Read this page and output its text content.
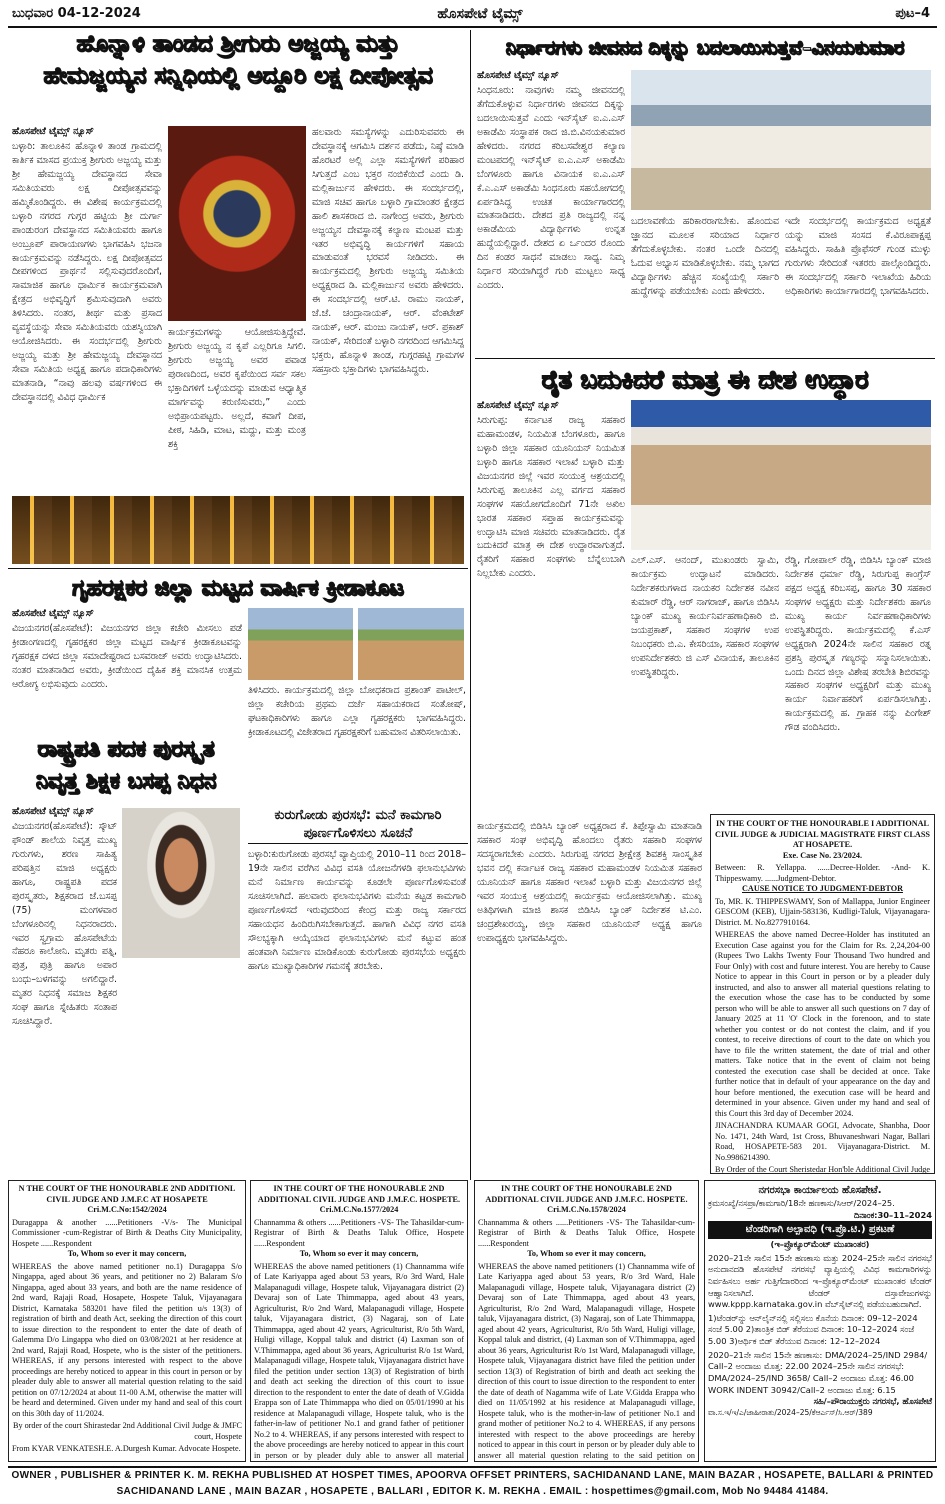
ಬುಧವಾರ 04-12-2024	ಹೊಸಪೇಟೆ ಟೈಮ್ಸ್	ಪುಟ–4
ಹೊನ್ನಾಳಿ ತಾಂಡದ ಶ್ರೀಗುರು ಅಜ್ಜಯ್ಯ ಮತ್ತು
ಹೇಮಜ್ಜಯ್ಯನ ಸನ್ನಿಧಿಯಲ್ಲಿ ಅದ್ದೂರಿ ಲಕ್ಷ ದೀಪೋತ್ಸವ
ಹೊಸಪೇಟೆ ಟೈಮ್ಸ್ ನ್ಯೂಸ್
ಬಳ್ಳಾರಿ: ತಾಲೂಕಿನ ಹೊನ್ನಾಳಿ ತಾಂಡ ಗ್ರಾಮದಲ್ಲಿ ಕಾರ್ತಿಕ ಮಾಸದ ಪ್ರಯುಕ್ತ ಶ್ರೀಗುರು ಅಜ್ಜಯ್ಯ ಮತ್ತು ಶ್ರೀ ಹೇಮಜ್ಜಯ್ಯ ದೇವಸ್ಥಾನದ ಸೇವಾ ಸಮಿತಿಯವರು ಲಕ್ಷ ದೀಪೋತ್ಸವವನ್ನು ಹಮ್ಮಿಕೊಂಡಿದ್ದರು. ಈ ವಿಶೇಷ ಕಾರ್ಯಕ್ರಮದಲ್ಲಿ ಬಳ್ಳಾರಿ ನಗರದ ಗುಗ್ಗರ ಹಟ್ಟಿಯ ಶ್ರೀ ದುರ್ಗಾ ಪಾಂಡುರಂಗ ದೇವಸ್ಥಾನದ ಸಮಿತಿಯವರು ಹಾಗೂ ಅಂಬ್ರೂಪ್ ಪಾರಾಯಣಗಳು ಭಾಗವಹಿಸಿ ಭಜನಾ ಕಾರ್ಯಕ್ರಮವನ್ನು ನಡೆಸಿದ್ದರು. ಲಕ್ಷ ದೀಪೋತ್ಸವದ ದೀಪಗಳಿಂದ ಪ್ರಾರ್ಥನೆ ಸಲ್ಲಿಸುವುದರೊಂದಿಗೆ, ಸಾಮಾಜಿಕ ಹಾಗೂ ಧಾರ್ಮಿಕ ಕಾರ್ಯಕ್ರಮವಾಗಿ ಕ್ಷೇತ್ರದ ಅಭಿವೃದ್ಧಿಗೆ ಶ್ರಮಿಸುವುದಾಗಿ ಅವರು ತಿಳಿಸಿದರು. ನಂತರ, ತೀರ್ಥ ಮತ್ತು ಪ್ರಸಾದ ವ್ಯವಸ್ಥೆಯನ್ನು ಸೇವಾ ಸಮಿತಿಯವರು ಯಶಸ್ವಿಯಾಗಿ ಆಯೋಜಿಸಿದರು. ಈ ಸಂದರ್ಭದಲ್ಲಿ ಶ್ರೀಗುರು ಅಜ್ಜಯ್ಯ ಮತ್ತು ಶ್ರೀ ಹೇಮಜ್ಜಯ್ಯ ದೇವಸ್ಥಾನದ ಸೇವಾ ಸಮಿತಿಯ ಅಧ್ಯಕ್ಷ ಹಾಗೂ ಪದಾಧಿಕಾರಿಗಳು ಮಾತನಾಡಿ, “ನಾವು ಹಲವು ವರ್ಷಗಳಿಂದ ಈ ದೇವಸ್ಥಾನದಲ್ಲಿ ವಿವಿಧ ಧಾರ್ಮಿಕ
ಕಾರ್ಯಕ್ರಮಗಳನ್ನು ಆಯೋಜಿಸುತ್ತಿದ್ದೇವೆ. ಶ್ರೀಗುರು ಅಜ್ಜಯ್ಯ ನ ಕೃಪೆ ಎಲ್ಲರಿಗೂ ಸಿಗಲಿ. ಶ್ರೀಗುರು ಅಜ್ಜಯ್ಯ ಅವರ ಪವಾಡ ಪುರಾಣದಿಂದ, ಅವರ ಕೃಪೆಯಿಂದ ಸರ್ವ ಸಕಲ ಭಕ್ತಾದಿಗಳಿಗೆ ಒಳ್ಳೆಯದನ್ನು ಮಾಡುವ ಆಧ್ಯಾತ್ಮಿಕ ಮಾರ್ಗವನ್ನು ಕರುಣಿಸುವರು,” ಎಂದು ಅಭಿಪ್ರಾಯಪಟ್ಟರು. ಅಲ್ಲದೆ, ಕವಾಗೆ ದೀಪ, ಪೀಠ, ಸಿಹಿಡಿ, ಮಾಟ, ಮದ್ದು, ಮತ್ತು ಮಂತ್ರ ಶಕ್ತಿ
ಹಲವಾರು ಸಮಸ್ಯೆಗಳನ್ನು ಎದುರಿಸುವವರು ಈ ದೇವಸ್ಥಾನಕ್ಕೆ ಆಗಮಿಸಿ ದರ್ಶನ ಪಡೆದು, ನಿಷ್ಠೆ ಮಾಡಿ ಹೊರಟರೆ ಅಲ್ಲಿ ಎಲ್ಲಾ ಸಮಸ್ಯೆಗಳಿಗೆ ಪರಿಹಾರ ಸಿಗುತ್ತದೆ ಎಂಬ ಭಕ್ತರ ನಂಬಿಕೆಯಿದೆ ಎಂದು ಡಿ. ಮಲ್ಲಿಕಾರ್ಜುನ ಹೇಳಿದರು. ಈ ಸಂದರ್ಭದಲ್ಲಿ, ಮಾಜಿ ಸಚಿವ ಹಾಗೂ ಬಳ್ಳಾರಿ ಗ್ರಾಮಾಂತರ ಕ್ಷೇತ್ರದ ಹಾಲಿ ಶಾಸಕರಾದ ಬಿ. ನಾಗೇಂದ್ರ ಅವರು, ಶ್ರೀಗುರು ಅಜ್ಜಯ್ಯನ ದೇವಸ್ಥಾನಕ್ಕೆ ಕಲ್ಯಾಣ ಮಂಟಪ ಮತ್ತು ಇತರ ಅಭಿವೃದ್ಧಿ ಕಾರ್ಯಗಳಿಗೆ ಸಹಾಯ ಮಾಡುವಂತೆ ಭರವಸೆ ನೀಡಿದರು. ಈ ಕಾರ್ಯಕ್ರಮದಲ್ಲಿ ಶ್ರೀಗುರು ಅಜ್ಜಯ್ಯ ಸಮಿತಿಯ ಅಧ್ಯಕ್ಷರಾದ ಡಿ. ಮಲ್ಲಿಕಾರ್ಜುನ ಅವರು ಹೇಳಿದರು. ಈ ಸಂದರ್ಭದಲ್ಲಿ ಆರ್.ಟಿ. ರಾಮು ನಾಯಕ್, ಜೆ.ಜೆ. ಚಂದ್ರಾನಾಯಕ್, ಆರ್. ವೆಂಕಟೇಶ್ ನಾಯಕ್, ಆರ್. ಮಂಜು ನಾಯಕ್, ಆರ್. ಪ್ರಕಾಶ್ ನಾಯಕ್, ಸೇರಿದಂತೆ ಬಳ್ಳಾರಿ ನಗರದಿಂದ ಆಗಮಿಸಿದ್ದ ಭಕ್ತರು, ಹೊನ್ನಾಳಿ ತಾಂಡ, ಗುಗ್ಗರಹಟ್ಟಿ ಗ್ರಾಮಗಳ ಸಹಸ್ರಾರು ಭಕ್ತಾದಿಗಳು ಭಾಗವಹಿಸಿದ್ದರು.
ನಿರ್ಧಾರಗಳು ಜೀವನದ ದಿಕ್ಕನ್ನು ಬದಲಾಯಿಸುತ್ತವೆ–ವಿನಯಕುಮಾರ
ಹೊಸಪೇಟೆ ಟೈಮ್ಸ್ ನ್ಯೂಸ್
ಸಿಂಧನೂರು: ನಾವುಗಳು ನಮ್ಮ ಜೀವನದಲ್ಲಿ ತೆಗೆದುಕೊಳ್ಳುವ ನಿರ್ಧಾರಗಳು ಜೀವನದ ದಿಕ್ಕನ್ನು ಬದಲಾಯಿಸುತ್ತವೆ ಎಂದು ಇನ್‌ಸೈಟ್ ಐ.ಎ.ಎಸ್ ಅಕಾಡೆಮಿ ಸಂಸ್ಥಾಪಕ ರಾದ ಜಿ.ಬಿ.ವಿನಯಕುಮಾರ ಹೇಳಿದರು. ನಗರದ ಕರಿಬಸವೇಶ್ವರ ಕಲ್ಯಾಣ ಮಂಟಪದಲ್ಲಿ ಇನ್‌ಸೈಟ್ ಐ.ಎ.ಎಸ್ ಅಕಾಡೆಮಿ ಬೆಂಗಳೂರು ಹಾಗೂ ವಿನಾಯಕ ಐ.ಎ.ಎಸ್ ಕೆ.ಎ.ಎಸ್ ಅಕಾಡೆಮಿ ಸಿಂಧನೂರು ಸಹಯೋಗದಲ್ಲಿ ಏರ್ಪಡಿಸಿದ್ದ ಉಚಿತ ಕಾರ್ಯಾಗಾರದಲ್ಲಿ ಮಾತನಾಡಿದರು. ದೇಶದ ಪ್ರತಿ ರಾಜ್ಯದಲ್ಲಿ ನನ್ನ ಅಕಾಡೆಮಿಯ ವಿದ್ಯಾರ್ಥಿಗಳು ಉನ್ನತ ಹುದ್ದೆಯಲ್ಲಿದ್ದಾರೆ. ದೇಶದ ಏ ರ್ಒಂದರ ರೊಂದು ದಿನ ಕಂಡರ ಸಾಧನೆ ಮಾಡಲು ಸಾಧ್ಯ. ನಿಮ್ಮ ನಿರ್ಧಾರ ಸರಿಯಾಗಿದ್ದರೆ ಗುರಿ ಮುಟ್ಟಲು ಸಾಧ್ಯ ಎಂದರು.
ಬದಲಾವಣೆಯ ಹರಿಕಾರರಾಗಬೇಕು. ಹೊಂದುವ ಜ್ಞಾನದ ಮೂಲಕ ಸರಿಯಾದ ನಿರ್ಧಾರ ತೆಗೆದುಕೊಳ್ಳಬೇಕು. ನಂತರ ಒಂದೇ ದಿನದಲ್ಲಿ ಓದುವ ಅಭ್ಯಾಸ ಮಾಡಿಕೊಳ್ಳಬೇಕು. ನಮ್ಮ ಭಾಗದ ವಿದ್ಯಾರ್ಥಿಗಳು ಹೆಚ್ಚಿನ ಸಂಖ್ಯೆಯಲ್ಲಿ ಸರ್ಕಾರಿ ಹುದ್ದೆಗಳನ್ನು ಪಡೆಯಬೇಕು ಎಂದು ಹೇಳಿದರು.
ಇದೇ ಸಂದರ್ಭದಲ್ಲಿ ಕಾರ್ಯಕ್ರಮದ ಅಧ್ಯಕ್ಷತೆ ಯನ್ನು ಮಾಜಿ ಸಂಸದ ಕೆ.ವಿರೂಪಾಕ್ಷಪ್ಪ ವಹಿಸಿದ್ದರು. ಸಾಹಿತಿ ಪ್ರೊಫೆಸರ್ ಗುಂಡ ಮುಳ್ಳು ಗುರುಗಳು ಸೇರಿದಂತೆ ಇತರರು ಪಾಲ್ಗೊಂಡಿದ್ದರು. ಈ ಸಂದರ್ಭದಲ್ಲಿ ಸರ್ಕಾರಿ ಇಲಾಖೆಯ ಹಿರಿಯ ಅಧಿಕಾರಿಗಳು ಕಾರ್ಯಾಗಾರದಲ್ಲಿ ಭಾಗವಹಿಸಿದರು.
ರೈತ ಬದುಕಿದರೆ ಮಾತ್ರ ಈ ದೇಶ ಉದ್ಧಾರ
ಹೊಸಪೇಟೆ ಟೈಮ್ಸ್ ನ್ಯೂಸ್
ಸಿರುಗುಪ್ಪ: ಕರ್ನಾಟಕ ರಾಜ್ಯ ಸಹಕಾರ ಮಹಾಮಂಡಳ, ನಿಯಮಿತ ಬೆಂಗಳೂರು, ಹಾಗೂ ಬಳ್ಳಾರಿ ಜಿಲ್ಲಾ ಸಹಕಾರ ಯೂನಿಯನ್ ನಿಯಮಿತ ಬಳ್ಳಾರಿ ಹಾಗೂ ಸಹಕಾರ ಇಲಾಖೆ ಬಳ್ಳಾರಿ ಮತ್ತು ವಿಜಯನಗರ ಜಿಲ್ಲೆ ಇವರ ಸಂಯುಕ್ತ ಆಶ್ರಯದಲ್ಲಿ ಸಿರುಗುಪ್ಪ ತಾಲೂಕಿನ ಎಲ್ಲ ವರ್ಗದ ಸಹಕಾರ ಸಂಘಗಳ ಸಹಯೋಗದೊಂದಿಗೆ 71ನೇ ಅಖಿಲ ಭಾರತ ಸಹಕಾರ ಸಪ್ತಾಹ ಕಾರ್ಯಕ್ರಮವನ್ನು ಉದ್ಘಾಟಿಸಿ ಮಾಜಿ ಸಚಿವರು ಮಾತನಾಡಿದರು. ರೈತ ಬದುಕಿದರೆ ಮಾತ್ರ ಈ ದೇಶ ಉದ್ಧಾರವಾಗುತ್ತದೆ. ರೈತರಿಗೆ ಸಹಕಾರ ಸಂಘಗಳು ಬೆನ್ನೆಲುಬಾಗಿ ನಿಲ್ಲಬೇಕು ಎಂದರು.
ಎಲ್.ಎಸ್. ಆನಂದ್, ಮುಖಂಡರು ಸ್ವಾಮಿ, ಕಾರ್ಯಕ್ರಮ ಉದ್ಘಾಟನೆ ಮಾಡಿದರು. ನಿರ್ದೇಶಕರುಗಳಾದ ನಾಯಕರ ನಿರ್ದೇಶಕ ನವೀನ ಕುಮಾರ್ ರೆಡ್ಡಿ, ಆರ್ ನಾಗರಾಜ್, ಹಾಗೂ ಬಿಡಿಸಿಸಿ ಬ್ಯಾಂಕ್ ಮುಖ್ಯ ಕಾರ್ಯನಿರ್ವಹಣಾಧಿಕಾರಿ ಬಿ. ಜಯಪ್ರಕಾಶ್, ಸಹಕಾರ ಸಂಘಗಳ ಉಪ ನಿಬಂಧಕರು ಬಿ.ಎ. ಕೇಸರಿಯಾ, ಸಹಕಾರ ಸಂಘಗಳ ಉಪನಿರ್ದೇಶಕರು ಜಿ ಎಸ್ ವಿನಾಯಕ, ತಾಲೂಕಿನ ಉಪಸ್ಥಿತರಿದ್ದರು.
ರೆಡ್ಡಿ, ಗೋಪಾಲ್ ರೆಡ್ಡಿ, ಬಿಡಿಸಿಸಿ ಬ್ಯಾಂಕ್ ಮಾಜಿ ನಿರ್ದೇಶಕ ಧರ್ಮಾ ರೆಡ್ಡಿ, ಸಿರುಗುಪ್ಪ ಕಾಂಗ್ರೆಸ್ ಪಕ್ಷದ ಅಧ್ಯಕ್ಷ ಕರಿಬಸಪ್ಪ, ಹಾಗೂ 30 ಸಹಕಾರ ಸಂಘಗಳ ಅಧ್ಯಕ್ಷರು ಮತ್ತು ನಿರ್ದೇಶಕರು ಹಾಗೂ ಮುಖ್ಯ ಕಾರ್ಯ ನಿರ್ವಹಣಾಧಿಕಾರಿಗಳು ಉಪಸ್ಥಿತರಿದ್ದರು. ಕಾರ್ಯಕ್ರಮದಲ್ಲಿ ಕೆ.ಎಸ್ ಅಧ್ಯಕ್ಷರಾಗಿ 2024ನೇ ಸಾಲಿನ ಸಹಕಾರ ರತ್ನ ಪ್ರಶಸ್ತಿ ಪುರಸ್ಕೃತ ಗಣ್ಯರನ್ನು ಸನ್ಮಾನಿಸಲಾಯಿತು. ಒಂದು ದಿನದ ಜಿಲ್ಲಾ ವಿಶೇಷ ತರಬೇತಿ ಶಿಬಿರವನ್ನು ಸಹಕಾರ ಸಂಘಗಳ ಅಧ್ಯಕ್ಷರಿಗೆ ಮತ್ತು ಮುಖ್ಯ ಕಾರ್ಯ ನಿರ್ವಾಹಕರಿಗೆ ಏರ್ಪಡಿಸಲಾಗಿತ್ತು. ಕಾರ್ಯಕ್ರಮದಲ್ಲಿ ಹ. ಗ್ರಾಹಕ ನನ್ನು ಪಿಂಗೇಶ್ ಗೌಡ ವಂದಿಸಿದರು.
ಕಾರ್ಯಕ್ರಮದಲ್ಲಿ ಬಿಡಿಸಿಸಿ ಬ್ಯಾಂಕ್ ಅಧ್ಯಕ್ಷರಾದ ಕೆ. ತಿಪ್ಪೇಸ್ವಾಮಿ ಮಾತನಾಡಿ ಸಹಕಾರ ಸಂಘ ಅಭಿವೃದ್ಧಿ ಹೊಂದಲು ರೈತರು ಸಹಕಾರಿ ಸಂಘಗಳ ಸದಸ್ಯರಾಗಬೇಕು ಎಂದರು. ಸಿರುಗುಪ್ಪ ನಗರದ ಶ್ರೀಕ್ಷೇತ್ರ ಶಿವಶಕ್ತಿ ಸಾಂಸ್ಕೃತಿಕ ಭವನ ದಲ್ಲಿ ಕರ್ನಾಟಕ ರಾಜ್ಯ ಸಹಕಾರ ಮಹಾಮಂಡಳ ನಿಯಮಿತ ಸಹಕಾರ ಯೂನಿಯನ್ ಹಾಗೂ ಸಹಕಾರ ಇಲಾಖೆ ಬಳ್ಳಾರಿ ಮತ್ತು ವಿಜಯನಗರ ಜಿಲ್ಲೆ ಇವರ ಸಂಯುಕ್ತ ಆಶ್ರಯದಲ್ಲಿ ಕಾರ್ಯಕ್ರಮ ಆಯೋಜಿಸಲಾಗಿತ್ತು. ಮುಖ್ಯ ಅತಿಥಿಗಳಾಗಿ ಮಾಜಿ ಶಾಸಕ ಬಿಡಿಸಿಸಿ ಬ್ಯಾಂಕ್ ನಿರ್ದೇಶಕ ಟಿ.ಎಂ. ಚಂದ್ರಶೇಖರಯ್ಯ, ಜಿಲ್ಲಾ ಸಹಕಾರ ಯೂನಿಯನ್ ಅಧ್ಯಕ್ಷ ಹಾಗೂ ಉಪಾಧ್ಯಕ್ಷರು ಭಾಗವಹಿಸಿದ್ದರು.
IN THE COURT OF THE HONOURABLE I ADDITIONAL CIVIL JUDGE & JUDICIAL MAGISTRATE FIRST CLASS AT HOSAPETE.
Exe. Case No. 23/2024.

Between: R. Yellappa. ......Decree-Holder. -And- K. Thippeswamy. ......Judgment-Debtor.

CAUSE NOTICE TO JUDGMENT-DEBTOR

To, MR. K. THIPPESWAMY, Son of Mallappa, Junior Engineer GESCOM (KEB), Ujjain-583136, Kudligi-Taluk, Vijayanagara-District. M. No.8277910164.

WHEREAS the above named Decree-Holder has instituted an Execution Case against you for the Claim for Rs. 2,24,204-00 (Rupees Two Lakhs Twenty Four Thousand Two hundred and Four Only) with cost and future interest. You are hereby to Cause Notice to appear in this Court in person or by a pleader duly instructed, and also to answer all material questions relating to the execution whose the case has to be conducted by some person who will be able to answer all such questions on 7 day of January 2025 at 11 'O' Clock in the forenoon, and to state whether you contest or do not contest the claim, and if you contest, to receive directions of court to the date on which you have to file the written statement, the date of trial and other matters. Take notice that in the event of claim not being contested the execution case shall be decided at once. Take further notice that in default of your appearance on the day and hour before mentioned, the execution case will be heard and determined in your absence. Given under my hand and seal of this Court this 3rd day of December 2024.

JINACHANDRA KUMAAR GOGI, Advocate, Shanbha, Door No. 1471, 24th Ward, 1st Cross, Bhuvaneshwari Nagar, Ballari Road, HOSAPETE-583 201. Vijayanagara-District. M. No.9986214390.

By Order of the Court Sheristedar Hon'ble Additional Civil Judge

ಗೃಹರಕ್ಷಕರ ಜಿಲ್ಲಾ ಮಟ್ಟದ ವಾರ್ಷಿಕ ಕ್ರೀಡಾಕೂಟ
ಹೊಸಪೇಟೆ ಟೈಮ್ಸ್ ನ್ಯೂಸ್
ವಿಜಯನಗರ(ಹೊಸಪೇಟೆ): ವಿಜಯನಗರ ಜಿಲ್ಲಾ ಕಚೇರಿ ಮೀಸಲು ಪಡೆ ಕ್ರೀಡಾಂಗಣದಲ್ಲಿ ಗೃಹರಕ್ಷಕರ ಜಿಲ್ಲಾ ಮಟ್ಟದ ವಾರ್ಷಿಕ ಕ್ರೀಡಾಕೂಟವನ್ನು ಗೃಹರಕ್ಷಕ ದಳದ ಜಿಲ್ಲಾ ಸಮಾದೇಷ್ಟರಾದ ಬಸವರಾಜ್ ಅವರು ಉದ್ಘಾಟಿಸಿದರು. ನಂತರ ಮಾತನಾಡಿದ ಅವರು, ಕ್ರೀಡೆಯಿಂದ ದೈಹಿಕ ಶಕ್ತಿ ಮಾನಸಿಕ ಉತ್ತಮ ಆರೋಗ್ಯ ಲಭಿಸುವುದು ಎಂದರು.
ತಿಳಿಸಿದರು. ಕಾರ್ಯಕ್ರಮದಲ್ಲಿ ಜಿಲ್ಲಾ ಬೋಧಕರಾದ ಪ್ರಶಾಂತ್ ಪಾಟೀಲ್, ಜಿಲ್ಲಾ ಕಚೇರಿಯ ಪ್ರಥಮ ದರ್ಜೆ ಸಹಾಯಕರಾದ ಸಂತೋಷ್, ಘಟಕಾಧಿಕಾರಿಗಳು ಹಾಗೂ ಎಲ್ಲಾ ಗೃಹರಕ್ಷಕರು ಭಾಗವಹಿಸಿದ್ದರು. ಕ್ರೀಡಾಕೂಟದಲ್ಲಿ ವಿಜೇತರಾದ ಗೃಹರಕ್ಷಕರಿಗೆ ಬಹುಮಾನ ವಿತರಿಸಲಾಯಿತು.
ರಾಷ್ಟ್ರಪತಿ ಪದಕ ಪುರಸ್ಕೃತ
ನಿವೃತ್ತ ಶಿಕ್ಷಕ ಬಸಪ್ಪ ನಿಧನ
ಹೊಸಪೇಟೆ ಟೈಮ್ಸ್ ನ್ಯೂಸ್
ವಿಜಯನಗರ(ಹೊಸಪೇಟೆ): ಸ್ಕೌಟ್ ಫೌಂಡ್ ಶಾಲೆಯ ನಿವೃತ್ತ ಮುಖ್ಯ ಗುರುಗಳು, ಶರಣ ಸಾಹಿತ್ಯ ಪರಿಷತ್ತಿನ ಮಾಜಿ ಅಧ್ಯಕ್ಷರು ಹಾಗೂ, ರಾಷ್ಟ್ರಪತಿ ಪದಕ ಪುರಸ್ಕೃತರು, ಶಿಕ್ಷಕರಾದ ಜೆ.ಬಸಪ್ಪ (75) ಮಂಗಳವಾರ ಬೆಂಗಳೂರಿನಲ್ಲಿ ನಿಧನರಾದರು. ಇವರ ಸ್ವಗ್ರಾಮ ಹೊಸಪೇಟೆಯ ನೆಹರೂ ಕಾಲೋನಿ. ಮೃತರು ಪತ್ನಿ, ಪುತ್ರ, ಪುತ್ರಿ ಹಾಗೂ ಅಪಾರ ಬಂಧು–ಬಳಗವನ್ನು ಅಗಲಿದ್ದಾರೆ. ಮೃತರ ನಿಧನಕ್ಕೆ ಸಮಾಜ ಶಿಕ್ಷಕರ ಸಂಘ ಹಾಗೂ ಸ್ನೇಹಿತರು ಸಂತಾಪ ಸೂಚಿಸಿದ್ದಾರೆ.
ಕುರುಗೋಡು ಪುರಸಭೆ: ಮನೆ ಕಾಮಗಾರಿ
ಪೂರ್ಣಗೊಳಿಸಲು ಸೂಚನೆ
ಬಳ್ಳಾರಿ:ಕುರುಗೋಡು ಪುರಸಭೆ ವ್ಯಾಪ್ತಿಯಲ್ಲಿ 2010–11 ರಿಂದ 2018–19ನೇ ಸಾಲಿನ ವರೆಗಿನ ವಿವಿಧ ವಸತಿ ಯೋಜನೆಗಳಡಿ ಫಲಾನುಭವಿಗಳು ಮನೆ ನಿರ್ಮಾಣ ಕಾರ್ಯವನ್ನು ಕೂಡಲೇ ಪೂರ್ಣಗೊಳಿಸುವಂತೆ ಸೂಚಿಸಲಾಗಿದೆ. ಹಲವಾರು ಫಲಾನುಭವಿಗಳು ಮನೆಯ ಕಟ್ಟಡ ಕಾಮಗಾರಿ ಪೂರ್ಣಗೊಳಿಸದೆ ಇರುವುದರಿಂದ ಕೇಂದ್ರ ಮತ್ತು ರಾಜ್ಯ ಸರ್ಕಾರದ ಸಹಾಯಧನ ಹಿಂದಿರುಗಿಸಬೇಕಾಗುತ್ತದೆ. ಹಾಗಾಗಿ ವಿವಿಧ ನಗರ ವಸತಿ ಸೌಲಭ್ಯಕ್ಕಾಗಿ ಆಯ್ಕೆಯಾದ ಫಲಾನುಭವಿಗಳು ಮನೆ ಕಟ್ಟುವ ಹಂತ ಹಂತವಾಗಿ ನಿರ್ಮಾಣ ಮಾಡಿಕೊಂಡು ಕುರುಗೋಡು ಪುರಸಭೆಯ ಅಧ್ಯಕ್ಷರು ಹಾಗೂ ಮುಖ್ಯಾಧಿಕಾರಿಗಳ ಗಮನಕ್ಕೆ ತರಬೇಕು.
N THE COURT OF THE HONOURABLE 2ND ADDITIONL CIVIL JUDGE AND J.M.F.C AT HOSAPETE
Cri.M.C.No:1542/2024

Duragappa & another ......Petitioners -V/s- The Municipal Commissioner -cum-Registrar of Birth & Deaths City Municipality, Hospete ......Respondent

To, Whom so ever it may concern,

WHEREAS the above named petitioner no.1) Duragappa S/o Ningappa, aged about 36 years, and petitioner no 2) Balaram S/o Ningappa, aged about 33 years, and both are the name residence of 2nd ward, Rajaji Road, Hosapete, Hospete Taluk, Vijayanagara District, Karnataka 583201 have filed the petition u/s 13(3) of registration of birth and death Act, seeking the direction of this court to issue direction to the respondent to enter the date of death of Galemma D/o Lingappa who died on 03/08/2021 at her residence at 2nd ward, Rajaji Road, Hospete, who is the sister of the petitioners. WHEREAS, if any persons interested with respect to the above proceedings are hereby noticed to appear in this court in person or by pleader duly able to answer all material question relating to the said petition on 07/12/2024 at about 11-00 A.M, otherwise the matter will be heard and determined. Given under my hand and seal of this court on this 30th day of 11/2024.

By order of the court Shirastedar 2nd Additional Civil Judge & JMFC court, Hospete

From KYAR VENKATESH.E. A.Durgesh Kumar. Advocate Hospete.

IN THE COURT OF THE HONOURABLE 2ND ADDITIONAL CIVIL JUDGE AND J.M.F.C. HOSPETE.
Cri.M.C.No.1577/2024

Channamma & others ......Petitioners -VS- The Tahasildar-cum-Registrar of Birth & Deaths Taluk Office, Hospete ......Respondent

To, Whom so ever it may concern,

WHEREAS the above named petitioners (1) Channamma wife of Late Kariyappa aged about 53 years, R/o 3rd Ward, Hale Malapanagudi village, Hospete taluk, Vijayanagara district (2) Devaraj son of Late Thimmappa, aged about 43 years, Agriculturist, R/o 2nd Ward, Malapanagudi village, Hospete taluk, Vijayanagara district, (3) Nagaraj, son of Late Thimmappa, aged about 42 years, Agriculturist, R/o 5th Ward, Huligi village, Koppal taluk and district (4) Laxman son of V.Thimmappa, aged about 36 years, Agriculturist R/o 1st Ward, Malapanagudi village, Hospete taluk, Vijayanagara district have filed the petition under section 13(3) of Registration of birth and death act seeking the direction of this court to issue direction to the respondent to enter the date of death of V.Gidda Erappa son of Late Thimmappa who died on 05/01/1990 at his residence at Malapanagudi village, Hospete taluk, who is the father-in-law of petitioner No.1 and grand father of petitioner No.2 to 4. WHEREAS, if any persons interested with respect to the above proceedings are hereby noticed to appear in this court in person or by pleader duly able to answer all material

IN THE COURT OF THE HONOURABLE 2ND ADDITIONAL CIVIL JUDGE AND J.M.F.C. HOSPETE.
Cri.M.C.No.1578/2024

Channamma & others ......Petitioners -VS- The Tahasildar-cum-Registrar of Birth & Deaths Taluk Office, Hospete ......Respondent

To, Whom so ever it may concern,

WHEREAS the above named petitioners (1) Channamma wife of Late Kariyappa aged about 53 years, R/o 3rd Ward, Hale Malapanagudi village, Hospete taluk, Vijayanagara district (2) Devaraj son of Late Thimmappa, aged about 43 years, Agriculturist, R/o 2nd Ward, Malapanagudi village, Hospete taluk, Vijayanagara district, (3) Nagaraj, son of Late Thimmappa, aged about 42 years, Agriculturist, R/o 5th Ward, Huligi village, Koppal taluk and district, (4) Laxman son of V.Thimmappa, aged about 36 years, Agriculturist R/o 1st Ward, Malapanagudi village, Hospete taluk, Vijayanagara district have filed the petition under section 13(3) of Registration of birth and death act seeking the direction of this court to issue direction to the respondent to enter the date of death of Nagamma wife of Late V.Gidda Erappa who died on 11/05/1992 at his residence at Malapanagudi village, Hospete taluk, who is the mother-in-law of petitioner No.1 and grand mother of petitioner No.2 to 4. WHEREAS, if any persons interested with respect to the above proceedings are hereby noticed to appear in this court in person or by pleader duly able to answer all material question relating to the said petition on

ನಗರಸಭಾ ಕಾರ್ಯಾಲಯ ಹೊಸಪೇಟೆ.
ಕ್ರಮಸಂಖ್ಯೆ/ನಸಪ್ರಾ/ಕಾಮಗಾರಿ/18ನೇ ಹಣಕಾಸು/ಸಿಆರ್/2024–25.
ದಿನಾಂಕ:30–11–2024
ಟೆಂಡರಿಗಾಗಿ ಅಲ್ಪಾವಧಿ (ಇ.ಪ್ರೊ.ಟಿ.) ಪ್ರಕಟಣೆ
(ಇ–ಪ್ರೊಕ್ಯೂರ್‌ಮೆಂಟ್ ಮುಖಾಂತರ)
2020–21ನೇ ಸಾಲಿನ 15ನೇ ಹಣಕಾಸು ಮತ್ತು 2024–25ನೇ ಸಾಲಿನ ನಗರಸಭೆ ಅನುದಾನದಡಿ ಹೊಸಪೇಟೆ ನಗರಸಭೆ ವ್ಯಾಪ್ತಿಯಲ್ಲಿ ವಿವಿಧ ಕಾಮಗಾರಿಗಳನ್ನು ನಿರ್ವಹಿಸಲು ಅರ್ಹ ಗುತ್ತಿಗೆದಾರರಿಂದ ಇ–ಪ್ರೊಕ್ಯೂರ್‌ಮೆಂಟ್ ಮುಖಾಂತರ ಟೆಂಡರ್ ಆಹ್ವಾನಿಸಲಾಗಿದೆ. ಟೆಂಡರ್ ದಸ್ತಾವೇಜುಗಳನ್ನು www.kppp.karnataka.gov.in ವೆಬ್‌ಸೈಟ್‌ನಲ್ಲಿ ಪಡೆಯಬಹುದಾಗಿದೆ.
1)ಟೆಂಡರ್‌ನ್ನು ಆನ್‌ಲೈನ್‌ನಲ್ಲಿ ಸಲ್ಲಿಸಲು ಕೊನೆಯ ದಿನಾಂಕ: 09–12–2024 ಸಂಜೆ 5.00 2)ತಾಂತ್ರಿಕ ಬಿಡ್ ತೆರೆಯುವ ದಿನಾಂಕ: 10–12–2024 ಸಂಜೆ 5.00 3)ಆರ್ಥಿಕ ಬಿಡ್ ತೆರೆಯುವ ದಿನಾಂಕ: 12–12–2024
2020–21ನೇ ಸಾಲಿನ 15ನೇ ಹಣಕಾಸು: DMA/2024–25/IND 2984/ Call–2 ಅಂದಾಜು ಮೊತ್ತ: 22.00 2024–25ನೇ ಸಾಲಿನ ನಗರಸಭೆ: DMA/2024–25/IND 3658/ Call–2 ಅಂದಾಜು ಮೊತ್ತ: 46.00 WORK INDENT 30942/Call–2 ಅಂದಾಜು ಮೊತ್ತ: 6.15
ಸಹಿ/–ಪೌರಾಯುಕ್ತರು ನಗರಸಭೆ, ಹೊಸಪೇಟೆ
ವಾ.ಸ.ಇ/ಇ/ಎ/ಜಾಹೀರಾತು/2024–25/ಕೆಆರ್ಎಸ್/ಸಿ.ಆರ್/389
OWNER , PUBLISHER & PRINTER K. M. REKHA PUBLISHED AT HOSPET TIMES, APOORVA OFFSET PRINTERS, SACHIDANAND LANE, MAIN BAZAR , HOSAPETE, BALLARI & PRINTED
SACHIDANAND LANE , MAIN BAZAR , HOSAPETE , BALLARI , EDITOR K. M. REKHA . EMAIL : hospettimes@gmail.com, Mob No 94484 41484.
